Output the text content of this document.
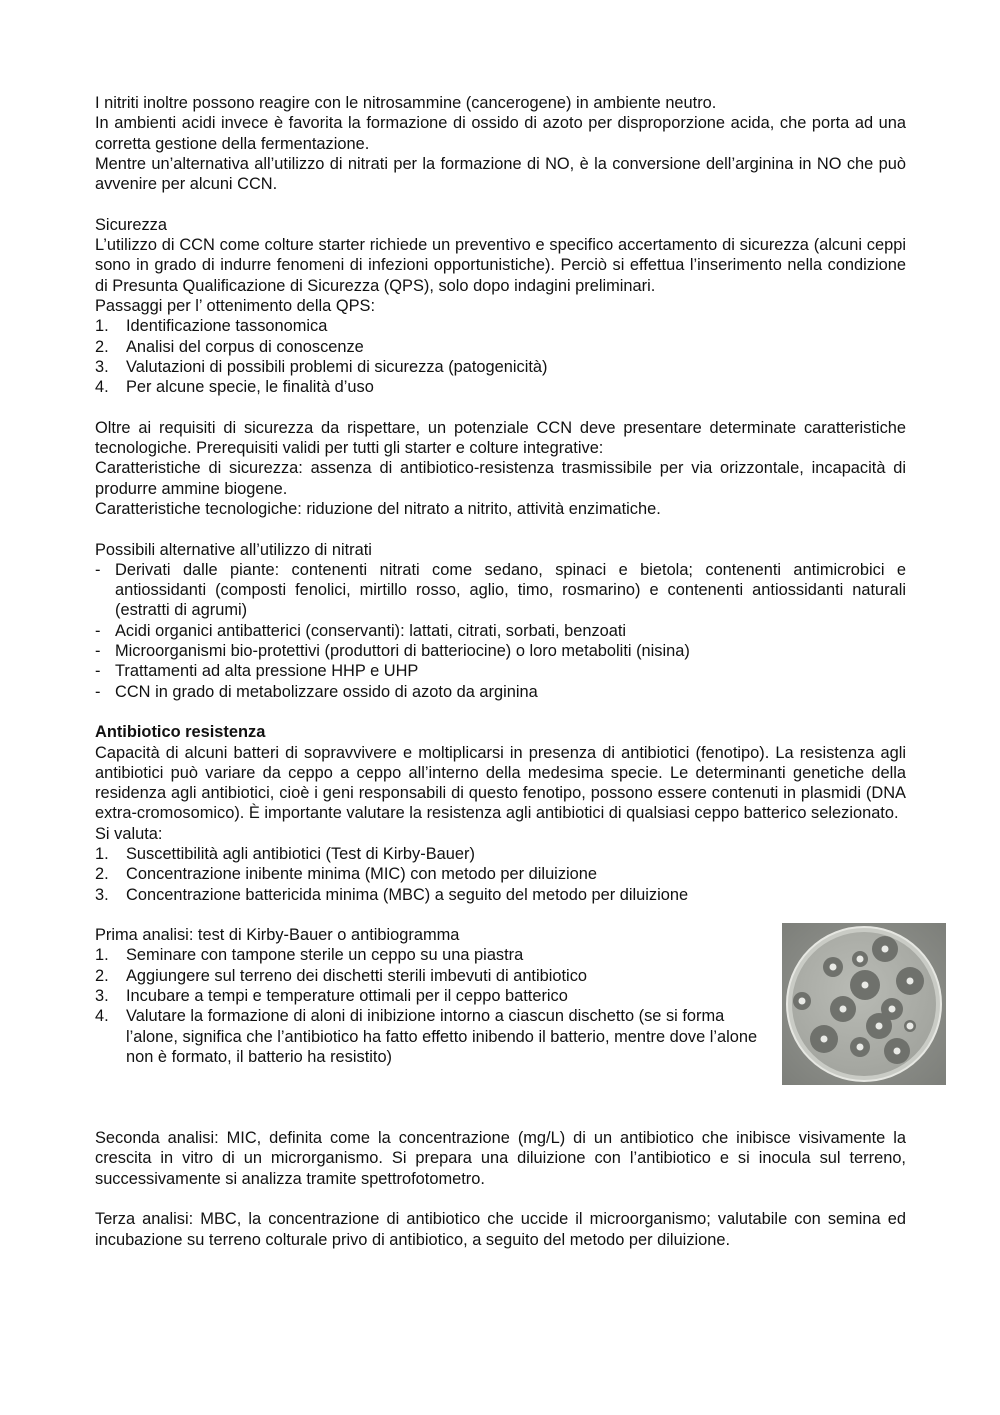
I nitriti inoltre possono reagire con le nitrosammine (cancerogene) in ambiente neutro.

In ambienti acidi invece è favorita la formazione di ossido di azoto per disproporzione acida, che porta ad una corretta gestione della fermentazione.

Mentre un’alternativa all’utilizzo di nitrati per la formazione di NO, è la conversione dell’arginina in NO che può avvenire per alcuni CCN.

Sicurezza

L’utilizzo di CCN come colture starter richiede un preventivo e specifico accertamento di sicurezza (alcuni ceppi sono in grado di indurre fenomeni di infezioni opportunistiche). Perciò si effettua l’inserimento nella condizione di Presunta Qualificazione di Sicurezza (QPS), solo dopo indagini preliminari.

Passaggi per l’ ottenimento della QPS:

1. Identificazione tassonomica
2. Analisi del corpus di conoscenze
3. Valutazioni di possibili problemi di sicurezza (patogenicità)
4. Per alcune specie, le finalità d’uso

Oltre ai requisiti di sicurezza da rispettare, un potenziale CCN deve presentare determinate caratteristiche tecnologiche. Prerequisiti validi per tutti gli starter e colture integrative:

Caratteristiche di sicurezza: assenza di antibiotico-resistenza trasmissibile per via orizzontale, incapacità di produrre ammine biogene.

Caratteristiche tecnologiche: riduzione del nitrato a nitrito, attività enzimatiche.

Possibili alternative all’utilizzo di nitrati

- Derivati dalle piante: contenenti nitrati come sedano, spinaci e bietola; contenenti antimicrobici e antiossidanti (composti fenolici, mirtillo rosso, aglio, timo, rosmarino) e contenenti antiossidanti naturali (estratti di agrumi)
- Acidi organici antibatterici (conservanti): lattati, citrati, sorbati, benzoati
- Microorganismi bio-protettivi (produttori di batteriocine) o loro metaboliti (nisina)
- Trattamenti ad alta pressione HHP e UHP
- CCN in grado di metabolizzare ossido di azoto da arginina

Antibiotico resistenza

Capacità di alcuni batteri di sopravvivere e moltiplicarsi in presenza di antibiotici (fenotipo). La resistenza agli antibiotici può variare da ceppo a ceppo all’interno della medesima specie. Le determinanti genetiche della residenza agli antibiotici, cioè i geni responsabili di questo fenotipo, possono essere contenuti in plasmidi (DNA extra-cromosomico). È importante valutare la resistenza agli antibiotici di qualsiasi ceppo batterico selezionato.

Si valuta:

1. Suscettibilità agli antibiotici (Test di Kirby-Bauer)
2. Concentrazione inibente minima (MIC) con metodo per diluizione
3. Concentrazione battericida minima (MBC) a seguito del metodo per diluizione

Prima analisi: test di Kirby-Bauer o antibiogramma

1. Seminare con tampone sterile un ceppo su una piastra
2. Aggiungere sul terreno dei dischetti sterili imbevuti di antibiotico
3. Incubare a tempi e temperature ottimali per il ceppo batterico
4. Valutare la formazione di aloni di inibizione intorno a ciascun dischetto (se si forma l’alone, significa che l’antibiotico ha fatto effetto inibendo il batterio, mentre dove l’alone non è formato, il batterio ha resistito)

Seconda analisi: MIC, definita come la concentrazione (mg/L) di un antibiotico che inibisce visivamente la crescita in vitro di un microrganismo. Si prepara una diluizione con l’antibiotico e si inocula sul terreno, successivamente si analizza tramite spettrofotometro.

Terza analisi: MBC, la concentrazione di antibiotico che uccide il microorganismo; valutabile con semina ed incubazione su terreno colturale privo di antibiotico, a seguito del metodo per diluizione.
